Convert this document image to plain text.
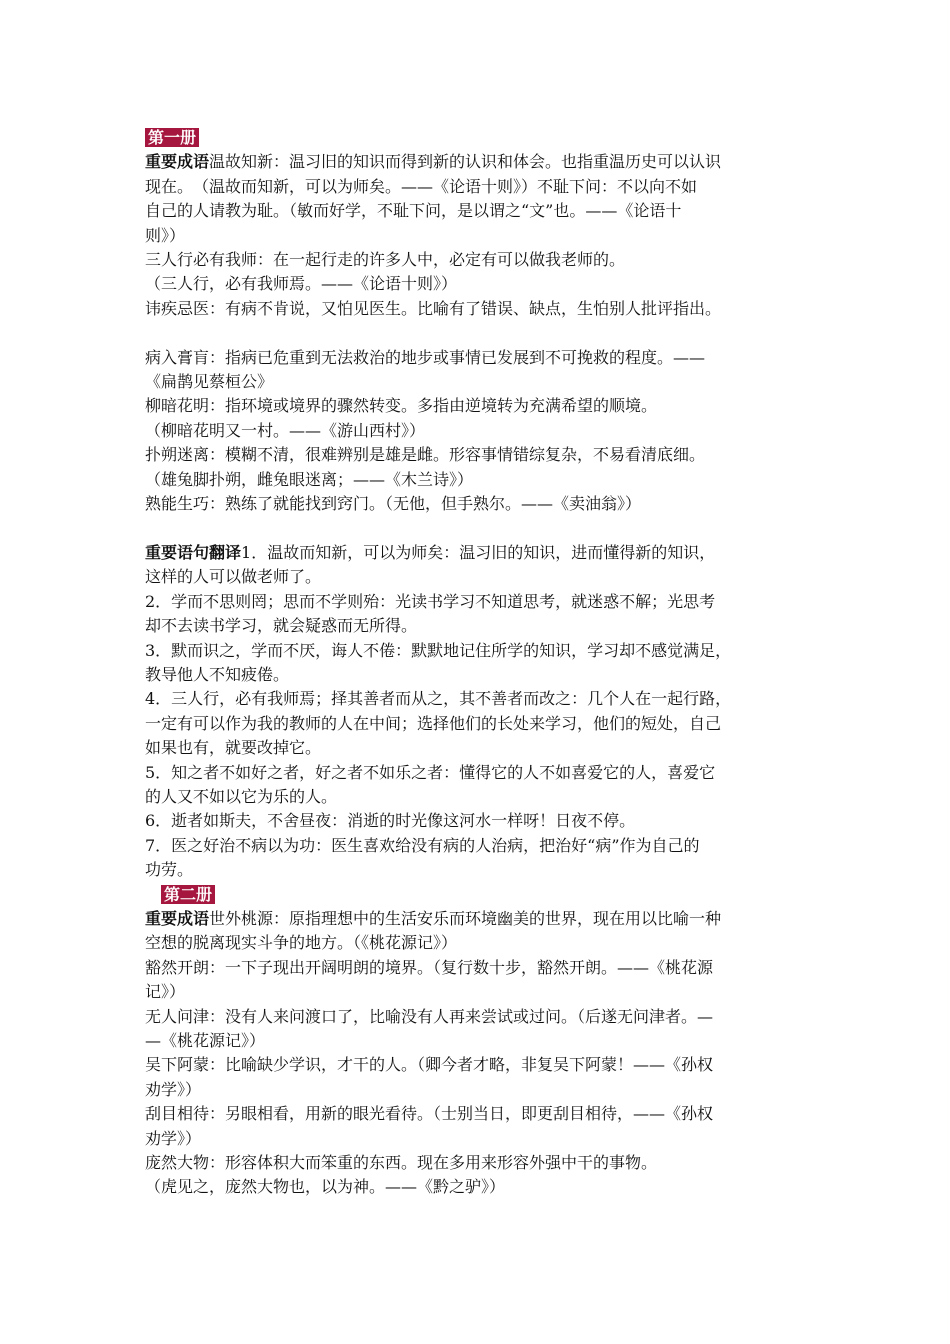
第一册
重要成语温故知新：温习旧的知识而得到新的认识和体会。也指重温历史可以认识
现在。　（温故而知新，可以为师矣。——《论语十则》）不耻下问：不以向不如
自己的人请教为耻。（敏而好学，不耻下问，是以谓之“文”也。——《论语十
则》）
三人行必有我师：在一起行走的许多人中，必定有可以做我老师的。
（三人行，必有我师焉。——《论语十则》）
讳疾忌医：有病不肯说，又怕见医生。比喻有了错误、缺点，生怕别人批评指出。
病入膏肓：指病已危重到无法救治的地步或事情已发展到不可挽救的程度。——
《扁鹊见蔡桓公》
柳暗花明：指环境或境界的骤然转变。多指由逆境转为充满希望的顺境。
（柳暗花明又一村。——《游山西村》）
扑朔迷离：模糊不清，很难辨别是雄是雌。形容事情错综复杂，不易看清底细。
（雄兔脚扑朔，雌兔眼迷离；——《木兰诗》）
熟能生巧：熟练了就能找到窍门。（无他，但手熟尔。——《卖油翁》）
重要语句翻译1．温故而知新，可以为师矣：温习旧的知识，进而懂得新的知识，
这样的人可以做老师了。
2．学而不思则罔；思而不学则殆：光读书学习不知道思考，就迷惑不解；光思考
却不去读书学习，就会疑惑而无所得。
3．默而识之，学而不厌，诲人不倦：默默地记住所学的知识，学习却不感觉满足，
教导他人不知疲倦。
4．三人行，必有我师焉；择其善者而从之，其不善者而改之：几个人在一起行路，
一定有可以作为我的教师的人在中间；选择他们的长处来学习，他们的短处，自己
如果也有，就要改掉它。
5．知之者不如好之者，好之者不如乐之者：懂得它的人不如喜爱它的人，喜爱它
的人又不如以它为乐的人。
6．逝者如斯夫，不舍昼夜：消逝的时光像这河水一样呀！日夜不停。
7．医之好治不病以为功：医生喜欢给没有病的人治病，把治好“病”作为自己的
功劳。
第二册
重要成语世外桃源：原指理想中的生活安乐而环境幽美的世界，现在用以比喻一种
空想的脱离现实斗争的地方。（《桃花源记》）
豁然开朗：一下子现出开阔明朗的境界。（复行数十步，豁然开朗。——《桃花源
记》）
无人问津：没有人来问渡口了，比喻没有人再来尝试或过问。（后遂无问津者。—
—《桃花源记》）
吴下阿蒙：比喻缺少学识，才干的人。（卿今者才略，非复吴下阿蒙！——《孙权
劝学》）
刮目相待：另眼相看，用新的眼光看待。（士别当日，即更刮目相待，——《孙权
劝学》）
庞然大物：形容体积大而笨重的东西。现在多用来形容外强中干的事物。
（虎见之，庞然大物也，以为神。——《黔之驴》）
